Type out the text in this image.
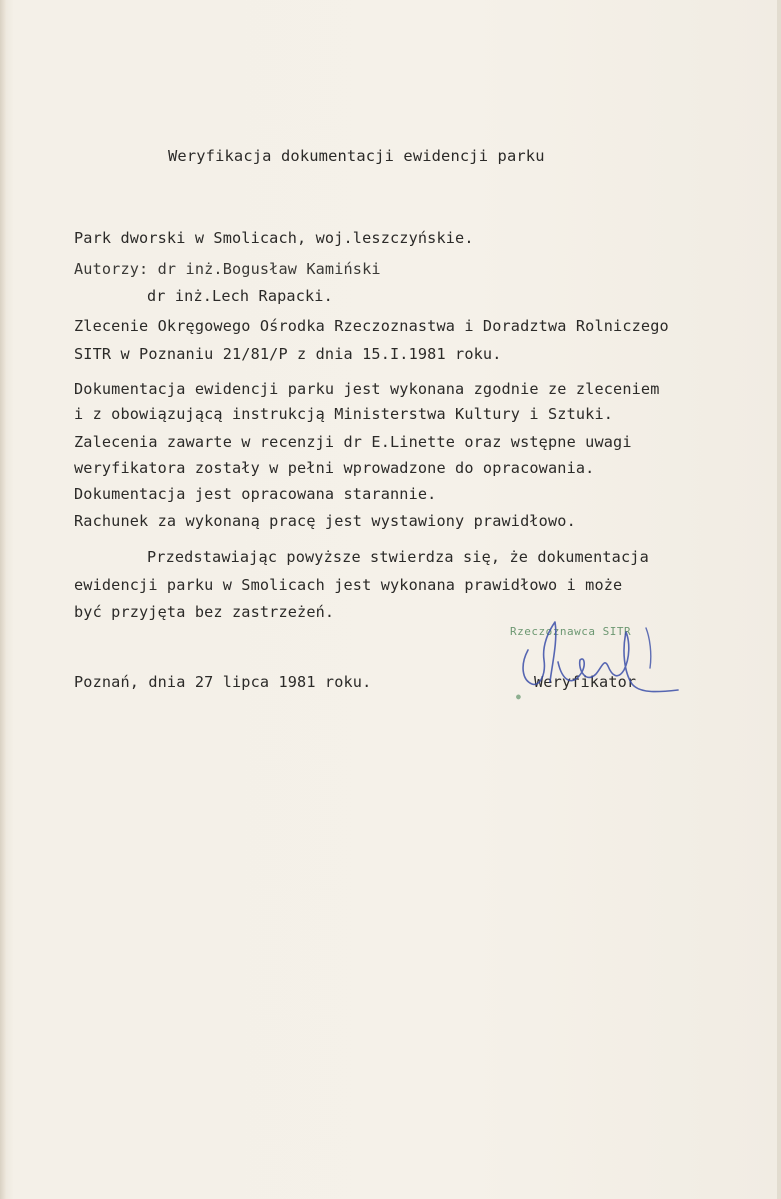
Weryfikacja dokumentacji ewidencji parku
Park dworski w Smolicach, woj.leszczyńskie.
Autorzy: dr inż.Bogusław Kamiński
dr inż.Lech Rapacki.
Zlecenie Okręgowego Ośrodka Rzeczoznastwa i Doradztwa Rolniczego
SITR w Poznaniu 21/81/P z dnia 15.I.1981 roku.
Dokumentacja ewidencji parku jest wykonana zgodnie ze zleceniem
i z obowiązującą instrukcją Ministerstwa Kultury i Sztuki.
Zalecenia zawarte w recenzji dr E.Linette oraz wstępne uwagi
weryfikatora zostały w pełni wprowadzone do opracowania.
Dokumentacja jest opracowana starannie.
Rachunek za wykonaną pracę jest wystawiony prawidłowo.
Przedstawiając powyższe stwierdza się, że dokumentacja
ewidencji parku w Smolicach jest wykonana prawidłowo i może
być przyjęta bez zastrzeżeń.
Poznań, dnia 27 lipca 1981 roku.
Rzeczoznawca SITR
●
Weryfikator
